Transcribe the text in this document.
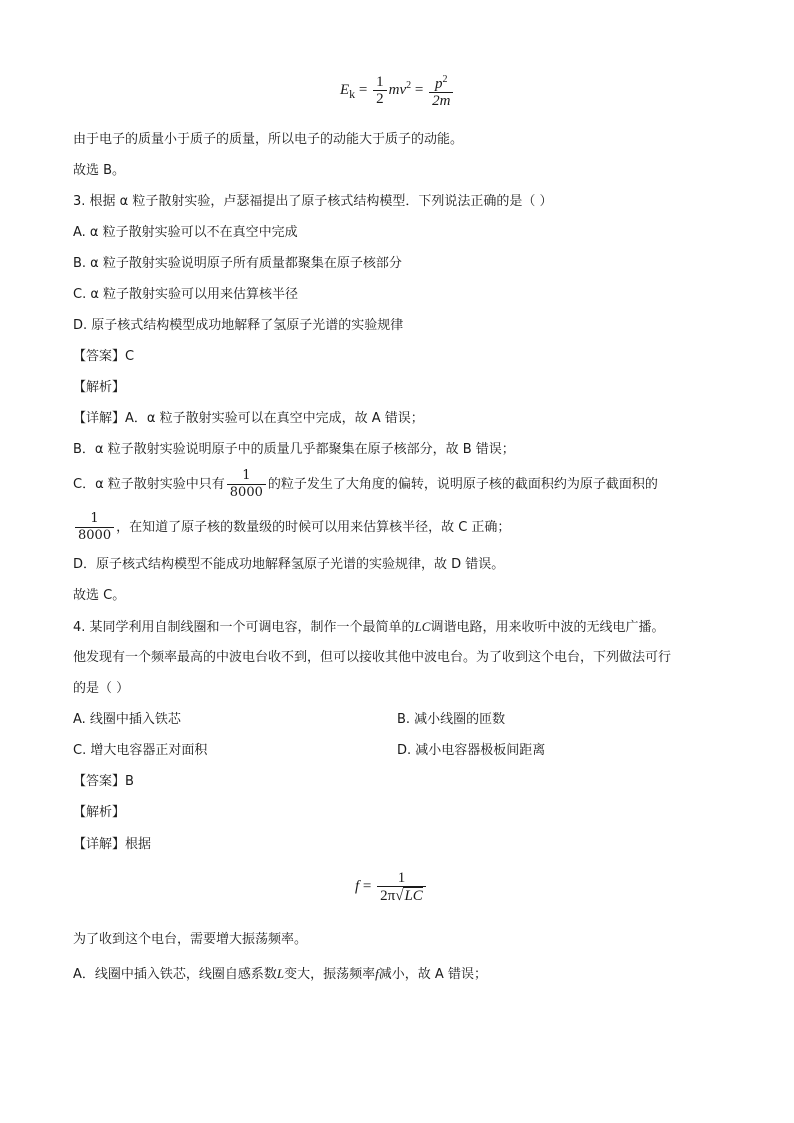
$E_k = \frac{1}{2} mv^2 = \frac{p^2}{2m}$
由于电子的质量小于质子的质量，所以电子的动能大于质子的动能。
故选 B。
3. 根据 α 粒子散射实验，卢瑟福提出了原子核式结构模型．下列说法正确的是（ ）
A. α 粒子散射实验可以不在真空中完成
B. α 粒子散射实验说明原子所有质量都聚集在原子核部分
C. α 粒子散射实验可以用来估算核半径
D. 原子核式结构模型成功地解释了氢原子光谱的实验规律
【答案】C
【解析】
【详解】A．α 粒子散射实验可以在真空中完成，故 A 错误；
B．α 粒子散射实验说明原子中的质量几乎都聚集在原子核部分，故 B 错误；
C．α 粒子散射实验中只有 $\frac{1}{8000}$ 的粒子发生了大角度的偏转，说明原子核的截面积约为原子截面积的
$\frac{1}{8000}$ ，在知道了原子核的数量级的时候可以用来估算核半径，故 C 正确；
D．原子核式结构模型不能成功地解释氢原子光谱的实验规律，故 D 错误。
故选 C。
4. 某同学利用自制线圈和一个可调电容，制作一个最简单的LC调谐电路，用来收听中波的无线电广播。
他发现有一个频率最高的中波电台收不到，但可以接收其他中波电台。为了收到这个电台，下列做法可行
的是（ ）
A. 线圈中插入铁芯	B. 减小线圈的匝数
C. 增大电容器正对面积	D. 减小电容器极板间距离
【答案】B
【解析】
【详解】根据
$f = \frac{1}{2\pi√LC}$
为了收到这个电台，需要增大振荡频率。
A．线圈中插入铁芯，线圈自感系数L变大，振荡频率f减小，故 A 错误；
